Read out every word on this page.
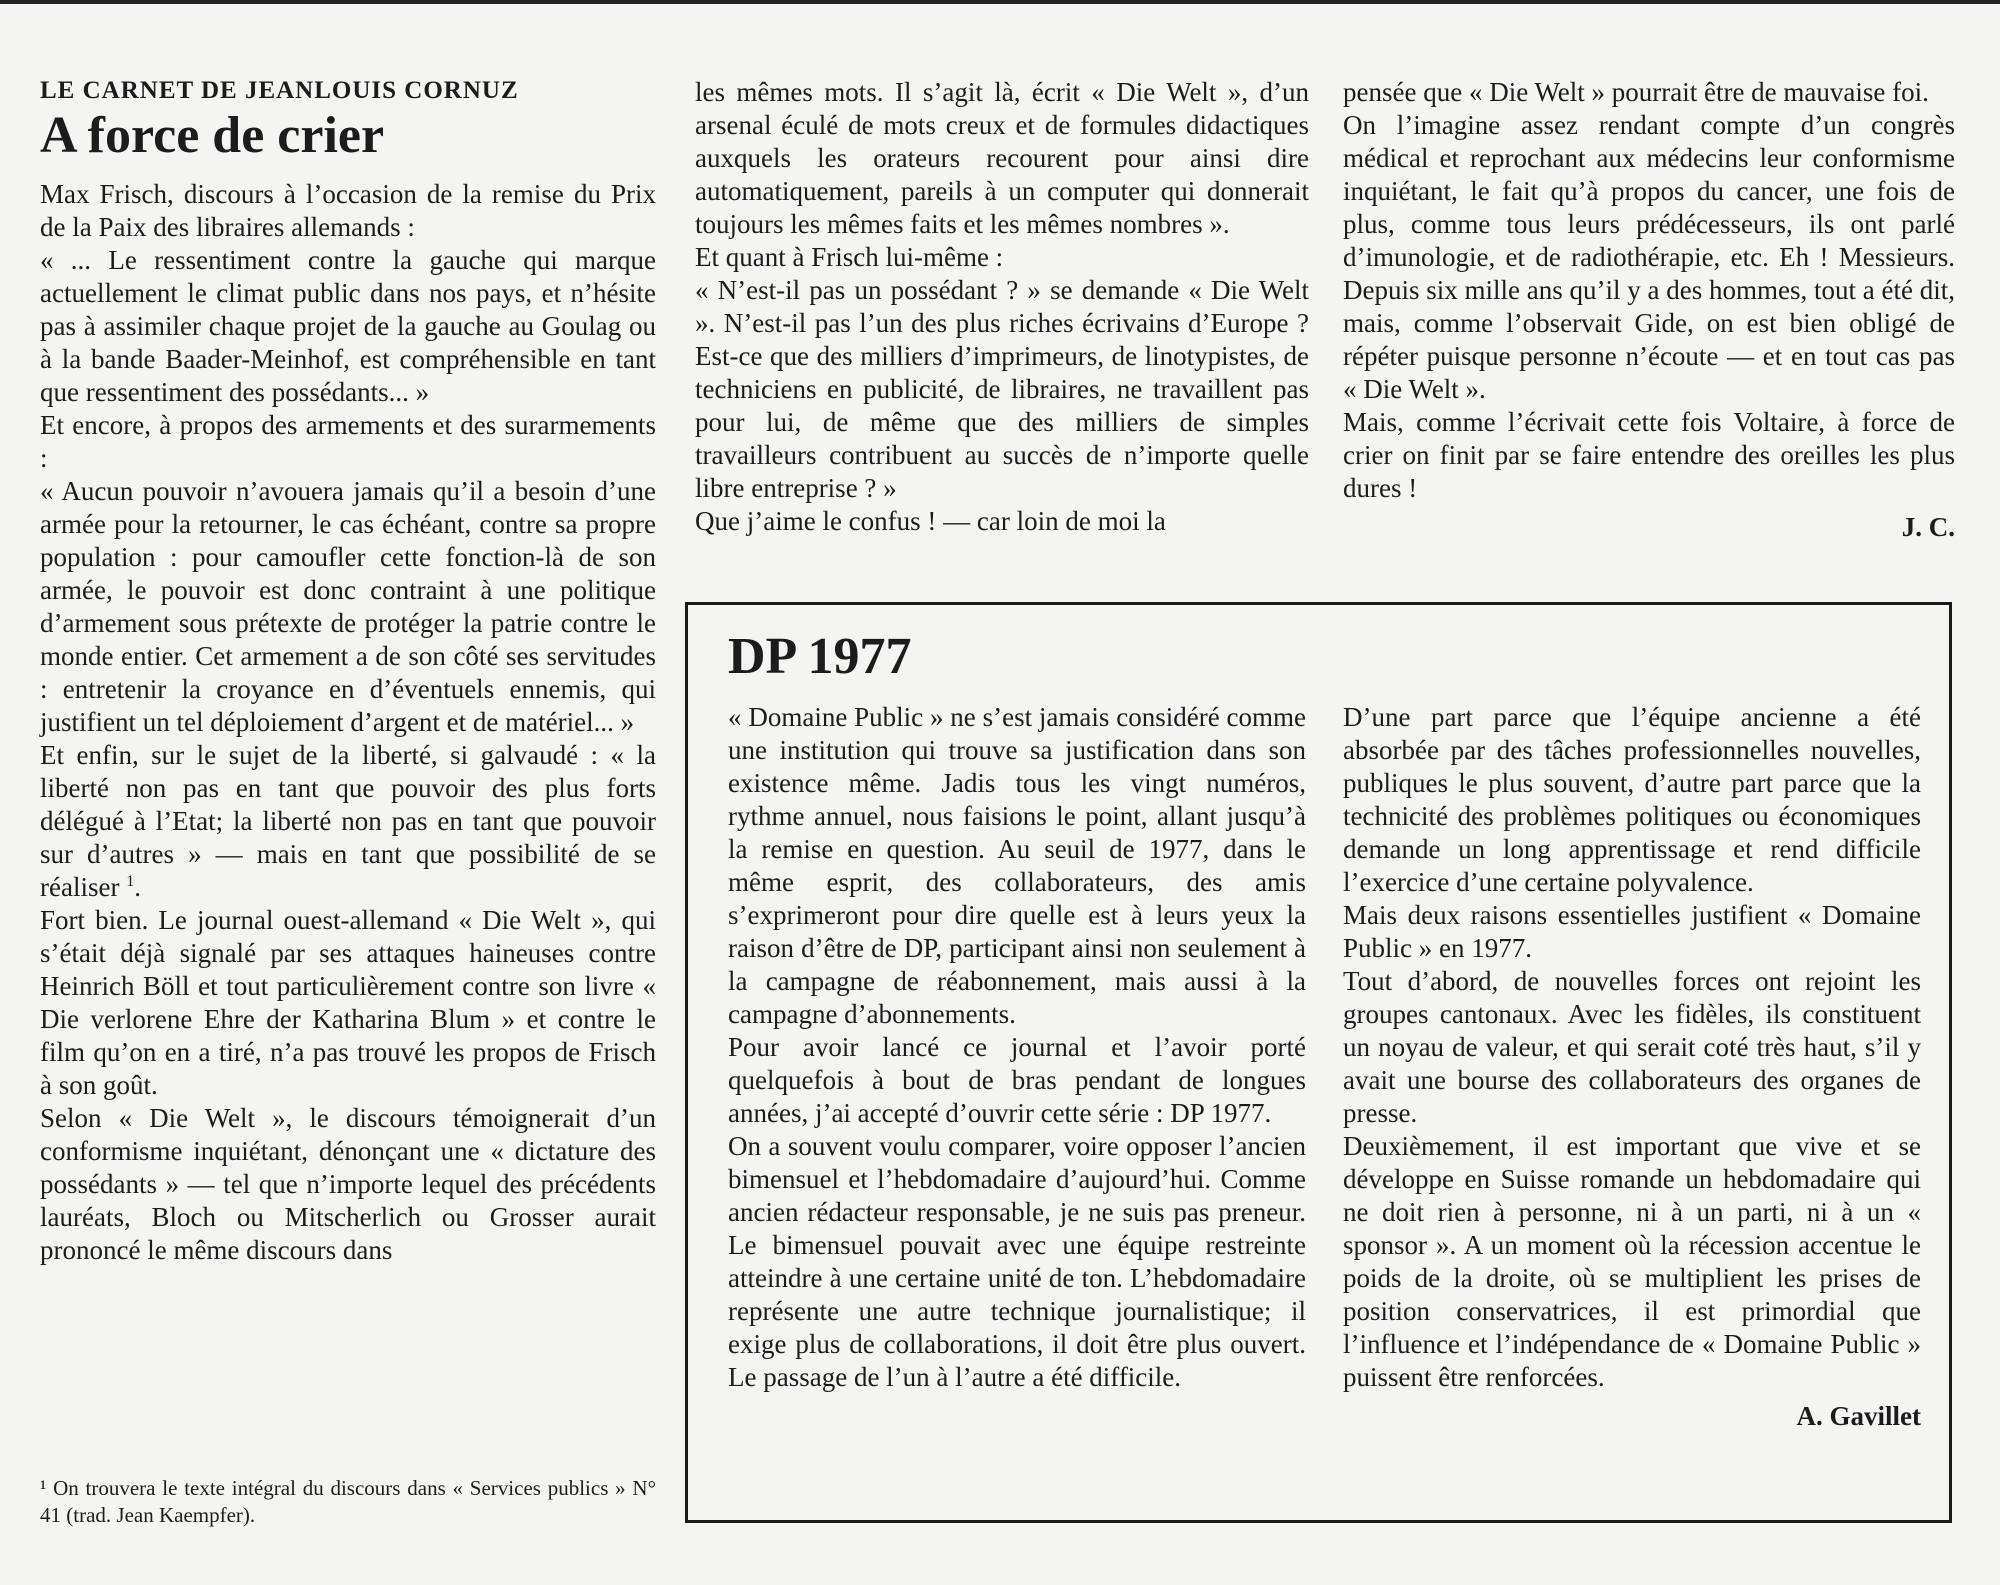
LE CARNET DE JEANLOUIS CORNUZ

A force de crier

Max Frisch, discours à l’occasion de la remise du Prix de la Paix des libraires allemands :

« ... Le ressentiment contre la gauche qui marque actuellement le climat public dans nos pays, et n’hésite pas à assimiler chaque projet de la gauche au Goulag ou à la bande Baader-Meinhof, est compréhensible en tant que ressentiment des possédants... »

Et encore, à propos des armements et des surarmements :

« Aucun pouvoir n’avouera jamais qu’il a besoin d’une armée pour la retourner, le cas échéant, contre sa propre population : pour camoufler cette fonction-là de son armée, le pouvoir est donc contraint à une politique d’armement sous prétexte de protéger la patrie contre le monde entier. Cet armement a de son côté ses servitudes : entretenir la croyance en d’éventuels ennemis, qui justifient un tel déploiement d’argent et de matériel... »

Et enfin, sur le sujet de la liberté, si galvaudé : « la liberté non pas en tant que pouvoir des plus forts délégué à l’Etat; la liberté non pas en tant que pouvoir sur d’autres » — mais en tant que possibilité de se réaliser $^1$.

Fort bien. Le journal ouest-allemand « Die Welt », qui s’était déjà signalé par ses attaques haineuses contre Heinrich Böll et tout particulièrement contre son livre « Die verlorene Ehre der Katharina Blum » et contre le film qu’on en a tiré, n’a pas trouvé les propos de Frisch à son goût.

Selon « Die Welt », le discours témoignerait d’un conformisme inquiétant, dénonçant une « dictature des possédants » — tel que n’importe lequel des précédents lauréats, Bloch ou Mitscherlich ou Grosser aurait prononcé le même discours dans

¹ On trouvera le texte intégral du discours dans « Services publics » N° 41 (trad. Jean Kaempfer).

les mêmes mots. Il s’agit là, écrit « Die Welt », d’un arsenal éculé de mots creux et de formules didactiques auxquels les orateurs recourent pour ainsi dire automatiquement, pareils à un computer qui donnerait toujours les mêmes faits et les mêmes nombres ».

Et quant à Frisch lui-même :

« N’est-il pas un possédant ? » se demande « Die Welt ». N’est-il pas l’un des plus riches écrivains d’Europe ? Est-ce que des milliers d’imprimeurs, de linotypistes, de techniciens en publicité, de libraires, ne travaillent pas pour lui, de même que des milliers de simples travailleurs contribuent au succès de n’importe quelle libre entreprise ? »

Que j’aime le confus ! — car loin de moi la

pensée que « Die Welt » pourrait être de mauvaise foi.

On l’imagine assez rendant compte d’un congrès médical et reprochant aux médecins leur conformisme inquiétant, le fait qu’à propos du cancer, une fois de plus, comme tous leurs prédécesseurs, ils ont parlé d’imunologie, et de radiothérapie, etc. Eh ! Messieurs. Depuis six mille ans qu’il y a des hommes, tout a été dit, mais, comme l’observait Gide, on est bien obligé de répéter puisque personne n’écoute — et en tout cas pas « Die Welt ».

Mais, comme l’écrivait cette fois Voltaire, à force de crier on finit par se faire entendre des oreilles les plus dures !

J. C.

DP 1977

« Domaine Public » ne s’est jamais considéré comme une institution qui trouve sa justification dans son existence même. Jadis tous les vingt numéros, rythme annuel, nous faisions le point, allant jusqu’à la remise en question. Au seuil de 1977, dans le même esprit, des collaborateurs, des amis s’exprimeront pour dire quelle est à leurs yeux la raison d’être de DP, participant ainsi non seulement à la campagne de réabonnement, mais aussi à la campagne d’abonnements.

Pour avoir lancé ce journal et l’avoir porté quelquefois à bout de bras pendant de longues années, j’ai accepté d’ouvrir cette série : DP 1977.

On a souvent voulu comparer, voire opposer l’ancien bimensuel et l’hebdomadaire d’aujourd’hui. Comme ancien rédacteur responsable, je ne suis pas preneur. Le bimensuel pouvait avec une équipe restreinte atteindre à une certaine unité de ton. L’hebdomadaire représente une autre technique journalistique; il exige plus de collaborations, il doit être plus ouvert. Le passage de l’un à l’autre a été difficile.

D’une part parce que l’équipe ancienne a été absorbée par des tâches professionnelles nouvelles, publiques le plus souvent, d’autre part parce que la technicité des problèmes politiques ou économiques demande un long apprentissage et rend difficile l’exercice d’une certaine polyvalence.

Mais deux raisons essentielles justifient « Domaine Public » en 1977.

Tout d’abord, de nouvelles forces ont rejoint les groupes cantonaux. Avec les fidèles, ils constituent un noyau de valeur, et qui serait coté très haut, s’il y avait une bourse des collaborateurs des organes de presse.

Deuxièmement, il est important que vive et se développe en Suisse romande un hebdomadaire qui ne doit rien à personne, ni à un parti, ni à un « sponsor ». A un moment où la récession accentue le poids de la droite, où se multiplient les prises de position conservatrices, il est primordial que l’influence et l’indépendance de « Domaine Public » puissent être renforcées.

A. Gavillet
